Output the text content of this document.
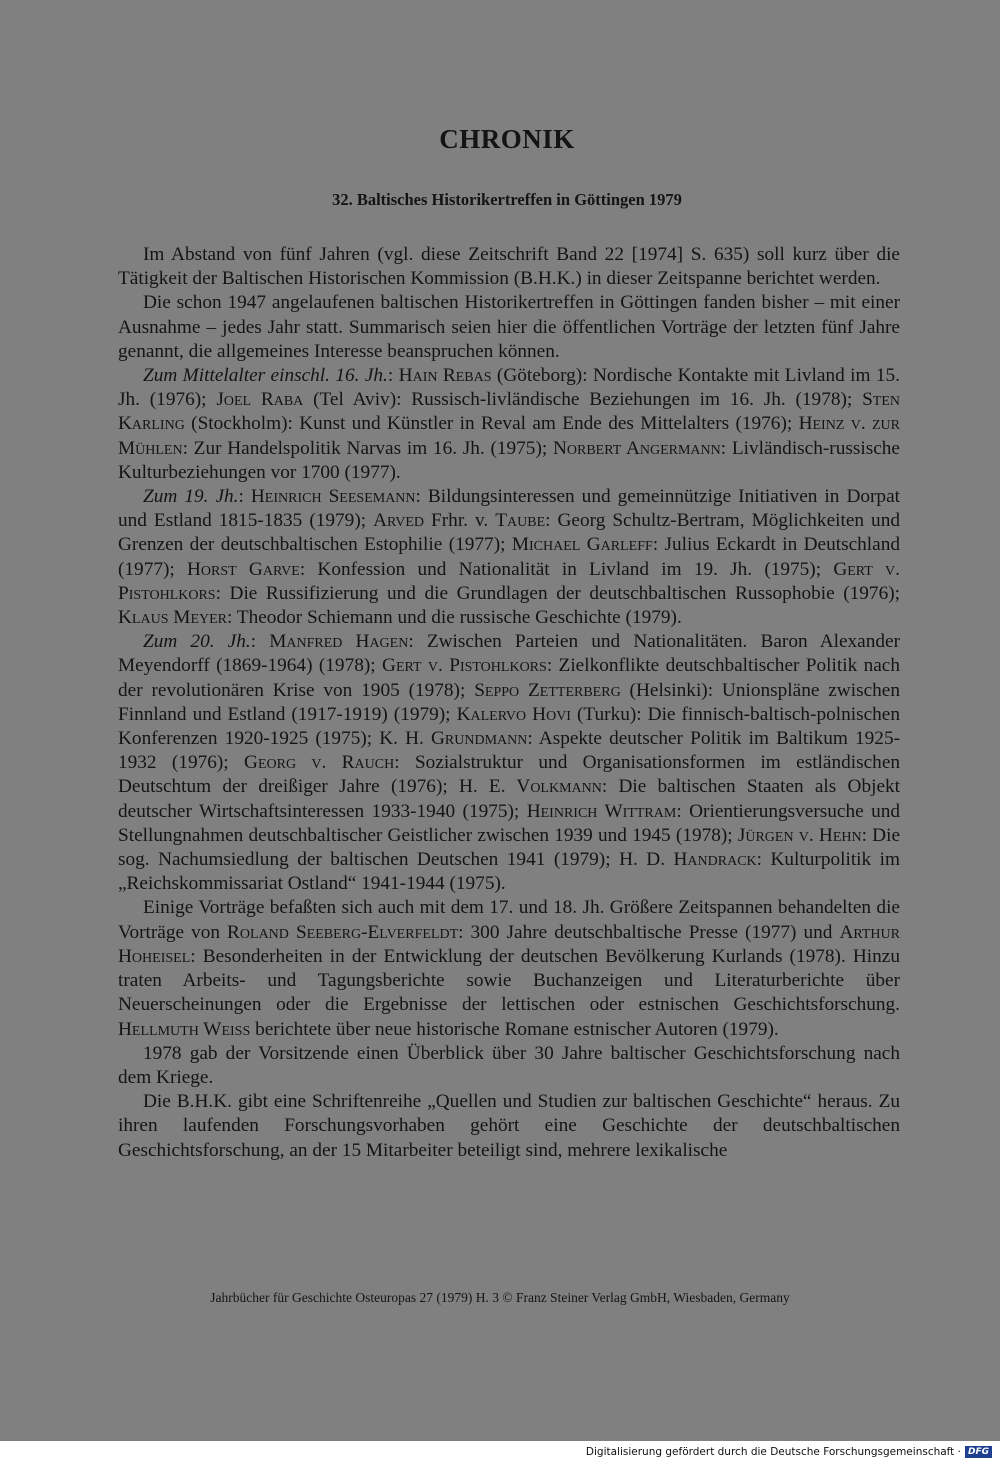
CHRONIK
32. Baltisches Historikertreffen in Göttingen 1979

Im Abstand von fünf Jahren (vgl. diese Zeitschrift Band 22 [1974] S. 635) soll kurz über die Tätigkeit der Baltischen Historischen Kommission (B.H.K.) in dieser Zeitspanne berichtet werden.

Die schon 1947 angelaufenen baltischen Historikertreffen in Göttingen fanden bisher – mit einer Ausnahme – jedes Jahr statt. Summarisch seien hier die öffentlichen Vorträge der letzten fünf Jahre genannt, die allgemeines Interesse beanspruchen können.

Zum Mittelalter einschl. 16. Jh.: Hain Rebas (Göteborg): Nordische Kontakte mit Livland im 15. Jh. (1976); Joel Raba (Tel Aviv): Russisch-livländische Beziehungen im 16. Jh. (1978); Sten Karling (Stockholm): Kunst und Künstler in Reval am Ende des Mittelalters (1976); Heinz v. zur Mühlen: Zur Handelspolitik Narvas im 16. Jh. (1975); Norbert Angermann: Livländisch-russische Kulturbeziehungen vor 1700 (1977).

Zum 19. Jh.: Heinrich Seesemann: Bildungsinteressen und gemeinnützige Initiativen in Dorpat und Estland 1815-1835 (1979); Arved Frhr. v. Taube: Georg Schultz-Bertram, Möglichkeiten und Grenzen der deutschbaltischen Estophilie (1977); Michael Garleff: Julius Eckardt in Deutschland (1977); Horst Garve: Konfession und Nationalität in Livland im 19. Jh. (1975); Gert v. Pistohlkors: Die Russifizierung und die Grundlagen der deutschbaltischen Russophobie (1976); Klaus Meyer: Theodor Schiemann und die russische Geschichte (1979).

Zum 20. Jh.: Manfred Hagen: Zwischen Parteien und Nationalitäten. Baron Alexander Meyendorff (1869-1964) (1978); Gert v. Pistohlkors: Zielkonflikte deutschbaltischer Politik nach der revolutionären Krise von 1905 (1978); Seppo Zetterberg (Helsinki): Unionspläne zwischen Finnland und Estland (1917-1919) (1979); Kalervo Hovi (Turku): Die finnisch-baltisch-polnischen Konferenzen 1920-1925 (1975); K. H. Grundmann: Aspekte deutscher Politik im Baltikum 1925-1932 (1976); Georg v. Rauch: Sozialstruktur und Organisationsformen im estländischen Deutschtum der dreißiger Jahre (1976); H. E. Volkmann: Die baltischen Staaten als Objekt deutscher Wirtschaftsinteressen 1933-1940 (1975); Heinrich Wittram: Orientierungsversuche und Stellungnahmen deutschbaltischer Geistlicher zwischen 1939 und 1945 (1978); Jürgen v. Hehn: Die sog. Nachumsiedlung der baltischen Deutschen 1941 (1979); H. D. Handrack: Kulturpolitik im „Reichskommissariat Ostland“ 1941-1944 (1975).

Einige Vorträge befaßten sich auch mit dem 17. und 18. Jh. Größere Zeitspannen behandelten die Vorträge von Roland Seeberg-Elverfeldt: 300 Jahre deutschbaltische Presse (1977) und Arthur Hoheisel: Besonderheiten in der Entwicklung der deutschen Bevölkerung Kurlands (1978). Hinzu traten Arbeits- und Tagungsberichte sowie Buchanzeigen und Literaturberichte über Neuerscheinungen oder die Ergebnisse der lettischen oder estnischen Geschichtsforschung. Hellmuth Weiss berichtete über neue historische Romane estnischer Autoren (1979).

1978 gab der Vorsitzende einen Überblick über 30 Jahre baltischer Geschichtsforschung nach dem Kriege.

Die B.H.K. gibt eine Schriftenreihe „Quellen und Studien zur baltischen Geschichte“ heraus. Zu ihren laufenden Forschungsvorhaben gehört eine Geschichte der deutschbaltischen Geschichtsforschung, an der 15 Mitarbeiter beteiligt sind, mehrere lexikalische

Jahrbücher für Geschichte Osteuropas 27 (1979) H. 3 © Franz Steiner Verlag GmbH, Wiesbaden, Germany

Digitalisierung gefördert durch die Deutsche Forschungsgemeinschaft · DFG
